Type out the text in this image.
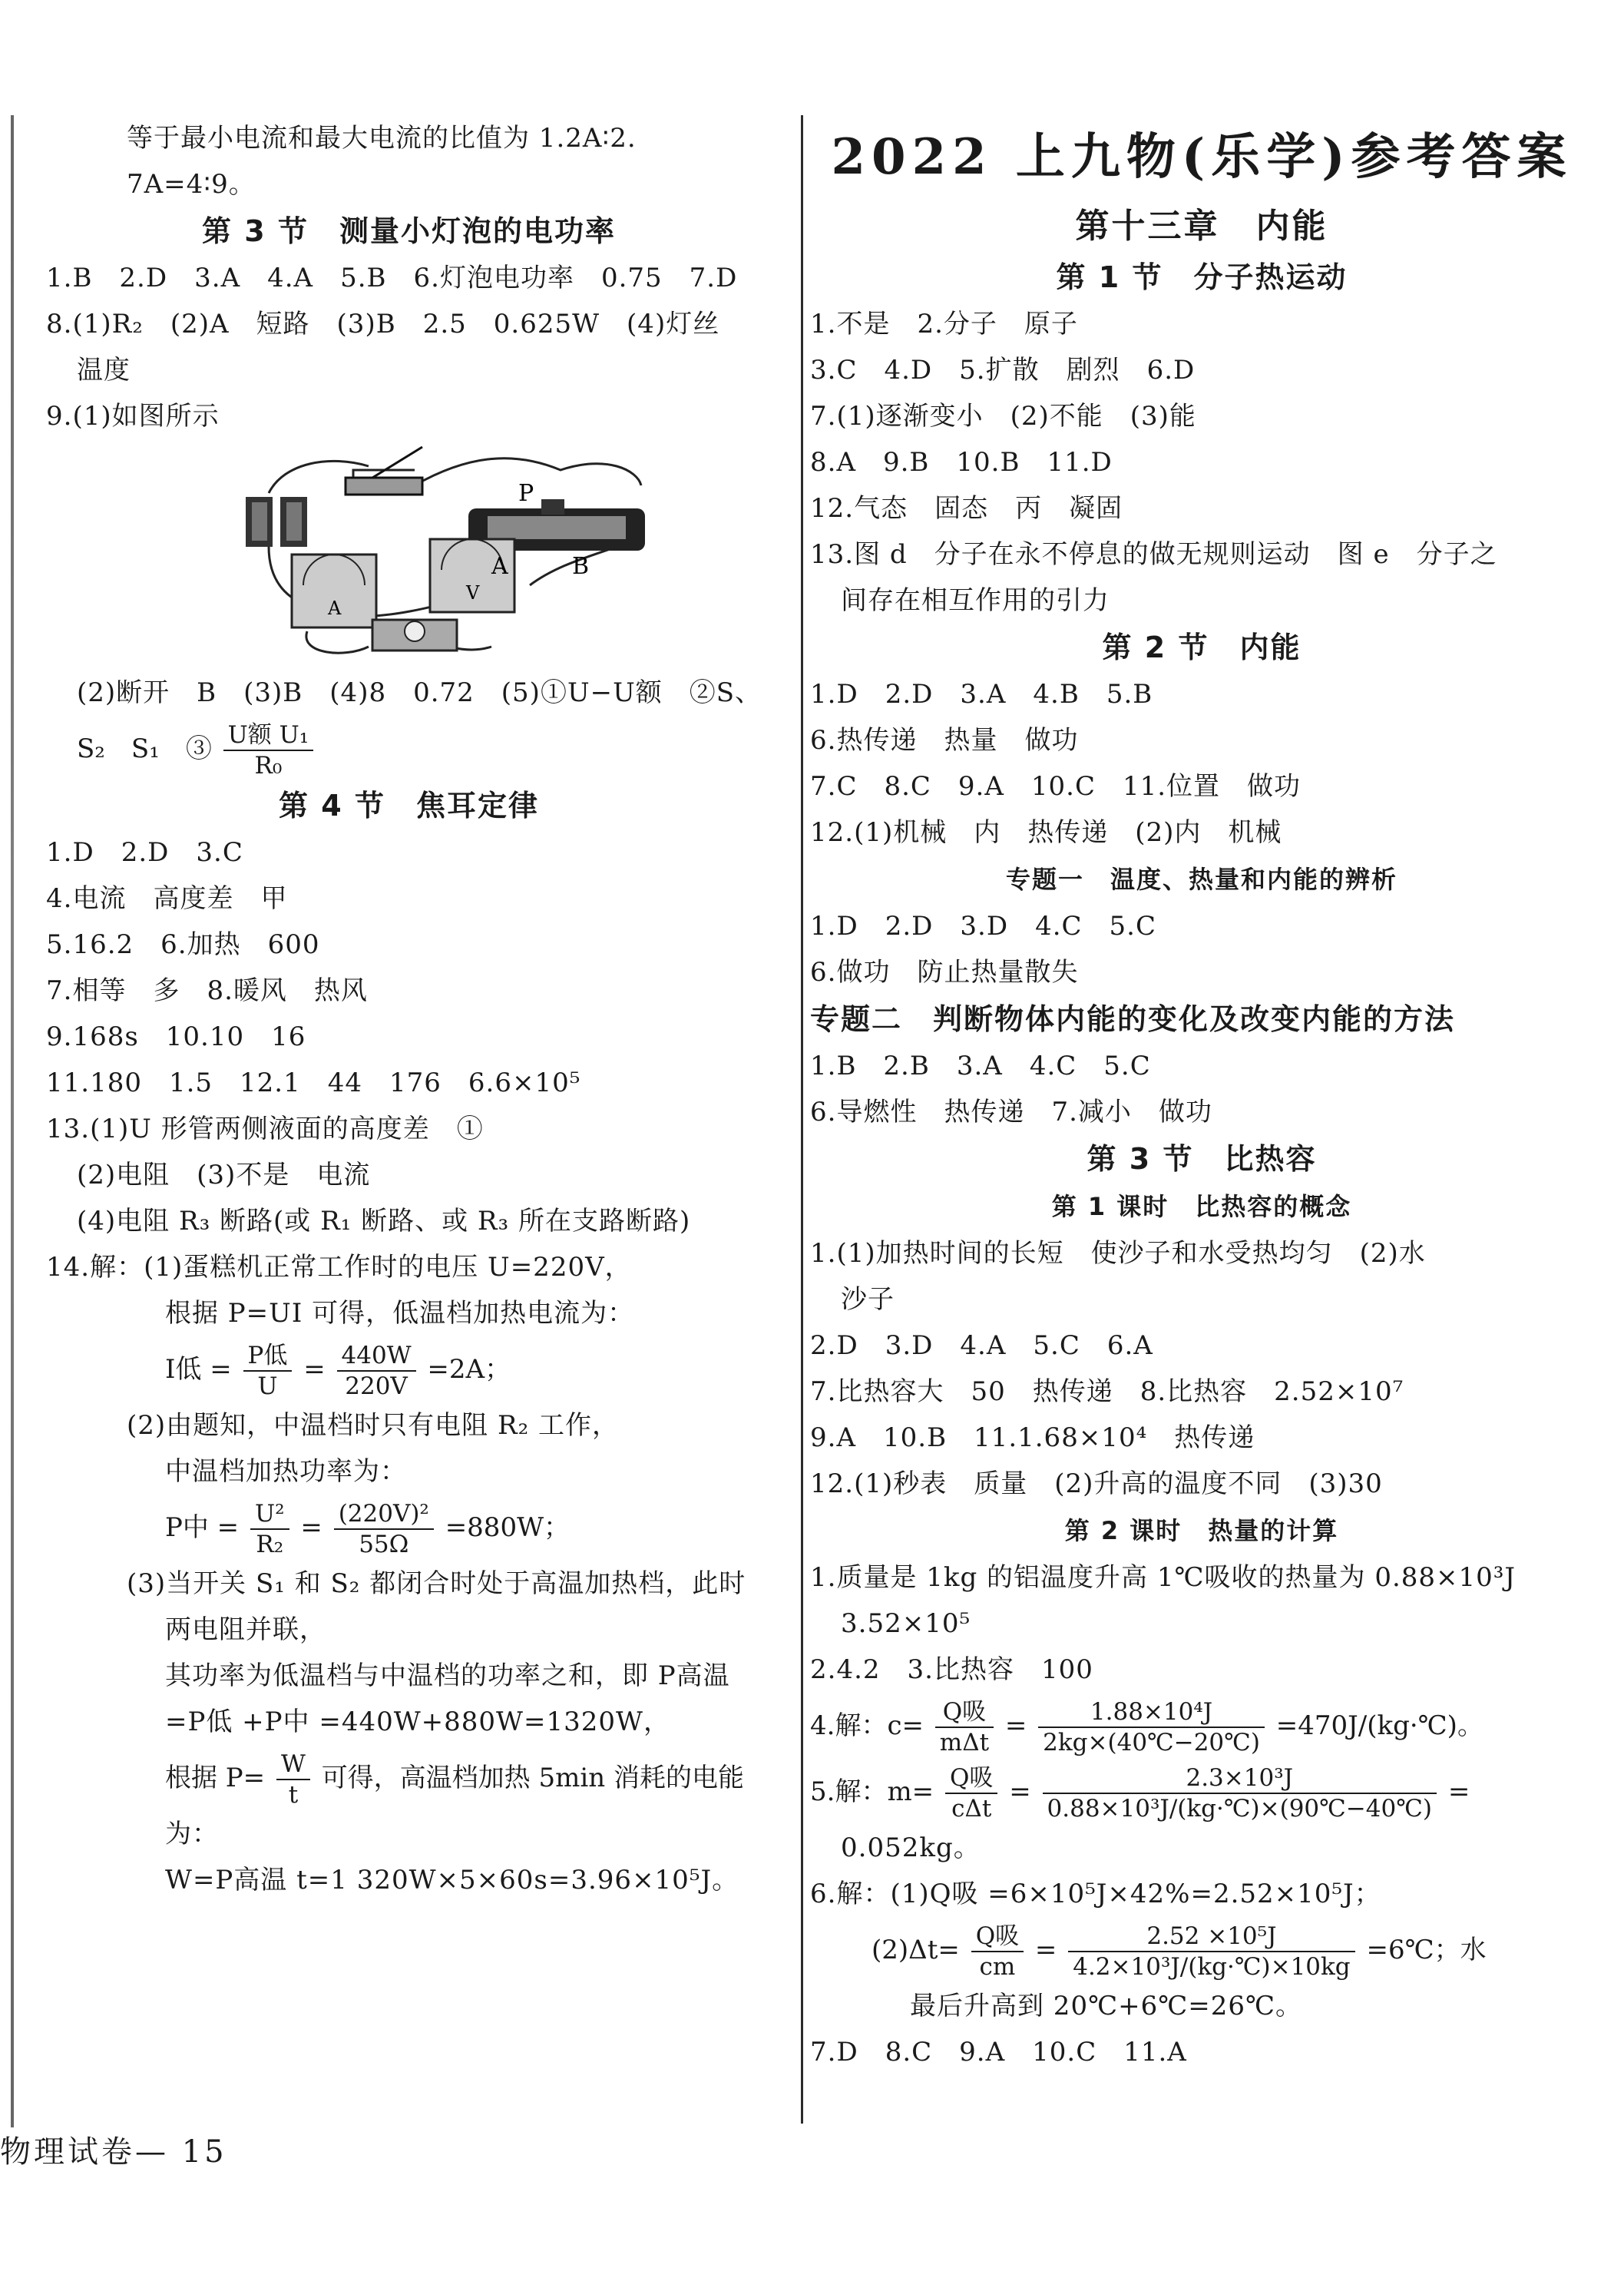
等于最小电流和最大电流的比值为 1.2A∶2.
7A=4∶9。
第 3 节　测量小灯泡的电功率
1.B　2.D　3.A　4.A　5.B　6.灯泡电功率　0.75　7.D
8.(1)R₂　(2)A　短路　(3)B　2.5　0.625W　(4)灯丝
温度
9.(1)如图所示
P
A	B
A
V
(2)断开　B　(3)B　(4)8　0.72　(5)①U−U额　②S、
S₂　S₁　③ $\frac{\text{U额 U₁}}{\text{R₀}}$
第 4 节　焦耳定律
1.D　2.D　3.C
4.电流　高度差　甲
5.16.2　6.加热　600
7.相等　多　8.暖风　热风
9.168s　10.10　16
11.180　1.5　12.1　44　176　6.6×10⁵
13.(1)U 形管两侧液面的高度差　①
(2)电阻　(3)不是　电流
(4)电阻 R₃ 断路(或 R₁ 断路、或 R₃ 所在支路断路)
14.解：(1)蛋糕机正常工作时的电压 U=220V，
根据 P=UI 可得，低温档加热电流为：
I低 = $\frac{\text{P低}}{U} = \frac{440W}{220V} =2A$；
(2)由题知，中温档时只有电阻 R₂ 工作，
中温档加热功率为：
P中 = $\frac{\text{U²}}{\text{R₂}} = \frac{\text{(220V)²}}{55\Omega} =880W$；
(3)当开关 S₁ 和 S₂ 都闭合时处于高温加热档，此时
两电阻并联，
其功率为低温档与中温档的功率之和，即 P高温
=P低 +P中 =440W+880W=1320W，
根据 $P= \frac{W}{t}$ 可得，高温档加热 5min 消耗的电能
为：
W=P高温 t=1 320W×5×60s=3.96×10⁵J。
2022 上九物(乐学)参考答案
第十三章　内能
第 1 节　分子热运动
1.不是　2.分子　原子
3.C　4.D　5.扩散　剧烈　6.D
7.(1)逐渐变小　(2)不能　(3)能
8.A　9.B　10.B　11.D
12.气态　固态　丙　凝固
13.图 d　分子在永不停息的做无规则运动　图 e　分子之
间存在相互作用的引力
第 2 节　内能
1.D　2.D　3.A　4.B　5.B
6.热传递　热量　做功
7.C　8.C　9.A　10.C　11.位置　做功
12.(1)机械　内　热传递　(2)内　机械
专题一　温度、热量和内能的辨析
1.D　2.D　3.D　4.C　5.C
6.做功　防止热量散失
专题二　判断物体内能的变化及改变内能的方法
1.B　2.B　3.A　4.C　5.C
6.导燃性　热传递　7.减小　做功
第 3 节　比热容
第 1 课时　比热容的概念
1.(1)加热时间的长短　使沙子和水受热均匀　(2)水
沙子
2.D　3.D　4.A　5.C　6.A
7.比热容大　50　热传递　8.比热容　2.52×10⁷
9.A　10.B　11.1.68×10⁴　热传递
12.(1)秒表　质量　(2)升高的温度不同　(3)30
第 2 课时　热量的计算
1.质量是 1kg 的铝温度升高 1℃吸收的热量为 0.88×10³J
3.52×10⁵
2.4.2　3.比热容　100
4.解：$c= \frac{\text{Q吸}}{\text{mΔt}} = \frac{\text{1.88×10⁴J}}{2kg\times(40℃-20℃)}$ =470J/(kg·℃)。
5.解：$m= \frac{\text{Q吸}}{\text{cΔt}} = \frac{\text{2.3×10³J}}{\text{0.88×10³J/(kg·℃)×(90℃−40℃)}}$ =
0.052kg。
6.解：(1)Q吸 =6×10⁵J×42%=2.52×10⁵J；
$(2)\Delta t= \frac{\text{Q吸}}{cm} = \frac{\text{2.52 ×10⁵J}}{\text{4.2×10³J/(kg·℃)×10kg}}$ =6℃；水
最后升高到 20℃+6℃=26℃。
7.D　8.C　9.A　10.C　11.A
物理试卷— 15
